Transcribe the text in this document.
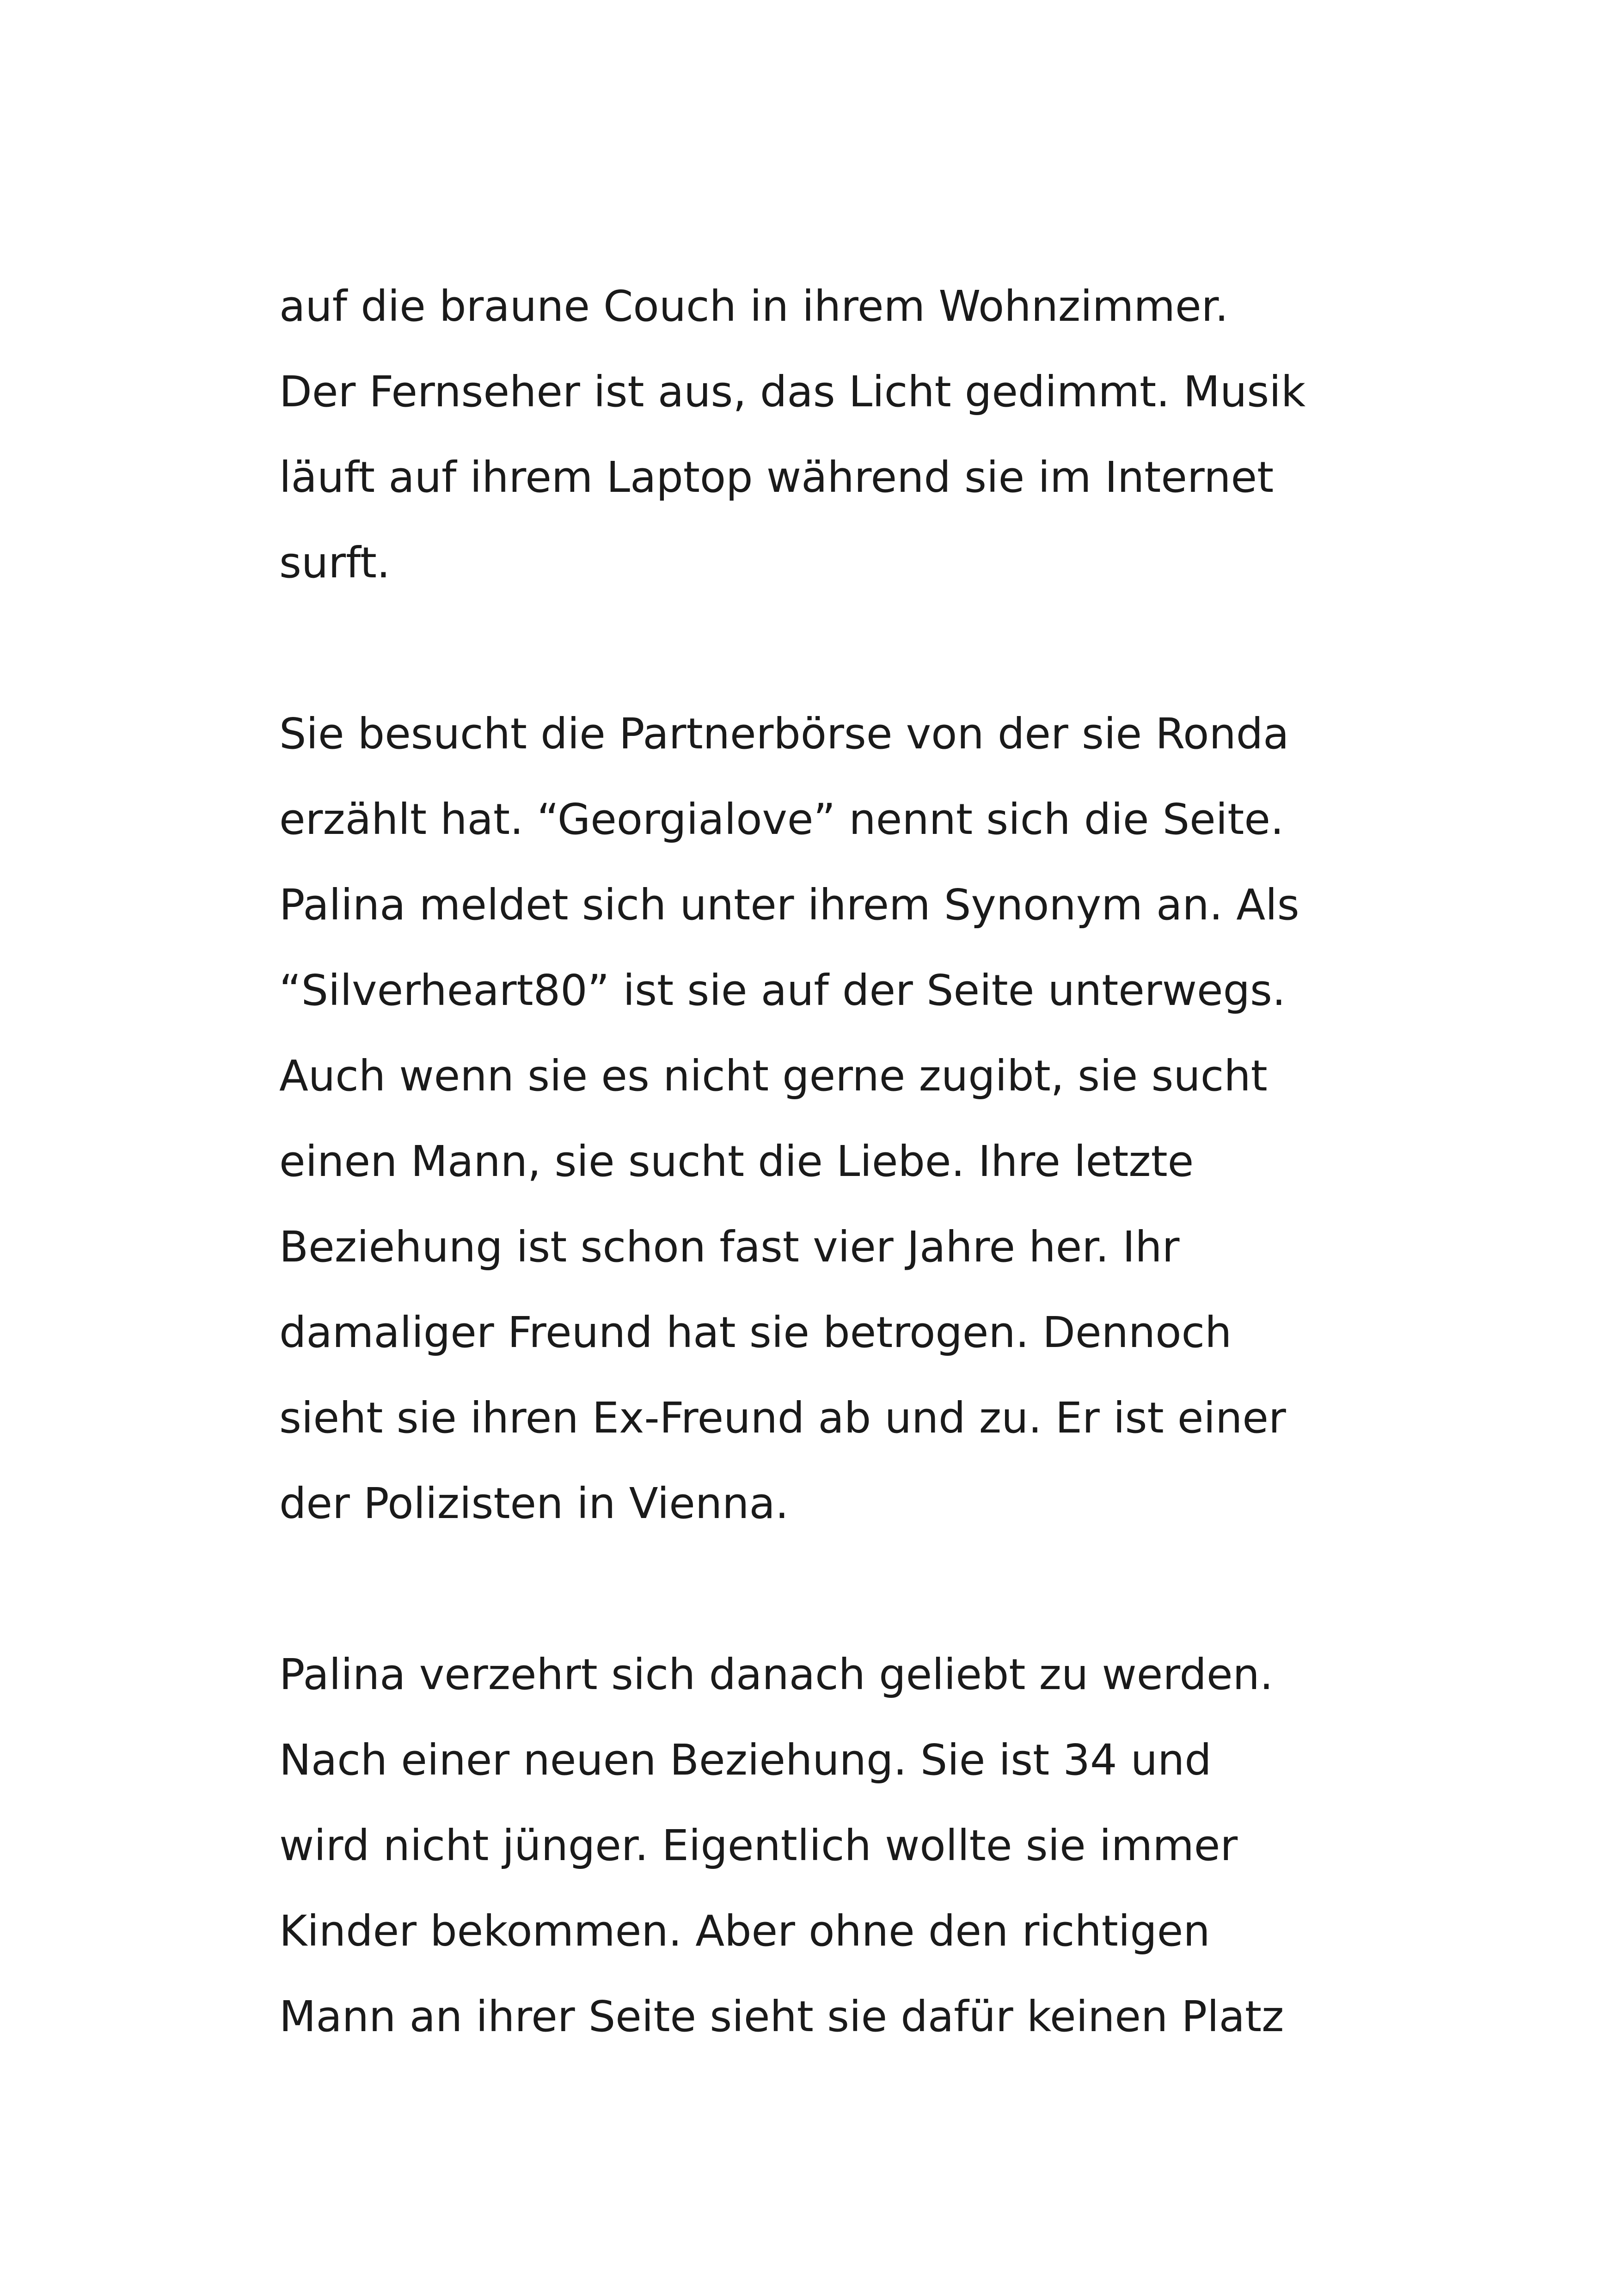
auf die braune Couch in ihrem Wohnzimmer.
Der Fernseher ist aus, das Licht gedimmt. Musik
läuft auf ihrem Laptop während sie im Internet
surft.
Sie besucht die Partnerbörse von der sie Ronda
erzählt hat. “Georgialove” nennt sich die Seite.
Palina meldet sich unter ihrem Synonym an. Als
“Silverheart80” ist sie auf der Seite unterwegs.
Auch wenn sie es nicht gerne zugibt, sie sucht
einen Mann, sie sucht die Liebe. Ihre letzte
Beziehung ist schon fast vier Jahre her. Ihr
damaliger Freund hat sie betrogen. Dennoch
sieht sie ihren Ex-Freund ab und zu. Er ist einer
der Polizisten in Vienna.
Palina verzehrt sich danach geliebt zu werden.
Nach einer neuen Beziehung. Sie ist 34 und
wird nicht jünger. Eigentlich wollte sie immer
Kinder bekommen. Aber ohne den richtigen
Mann an ihrer Seite sieht sie dafür keinen Platz
